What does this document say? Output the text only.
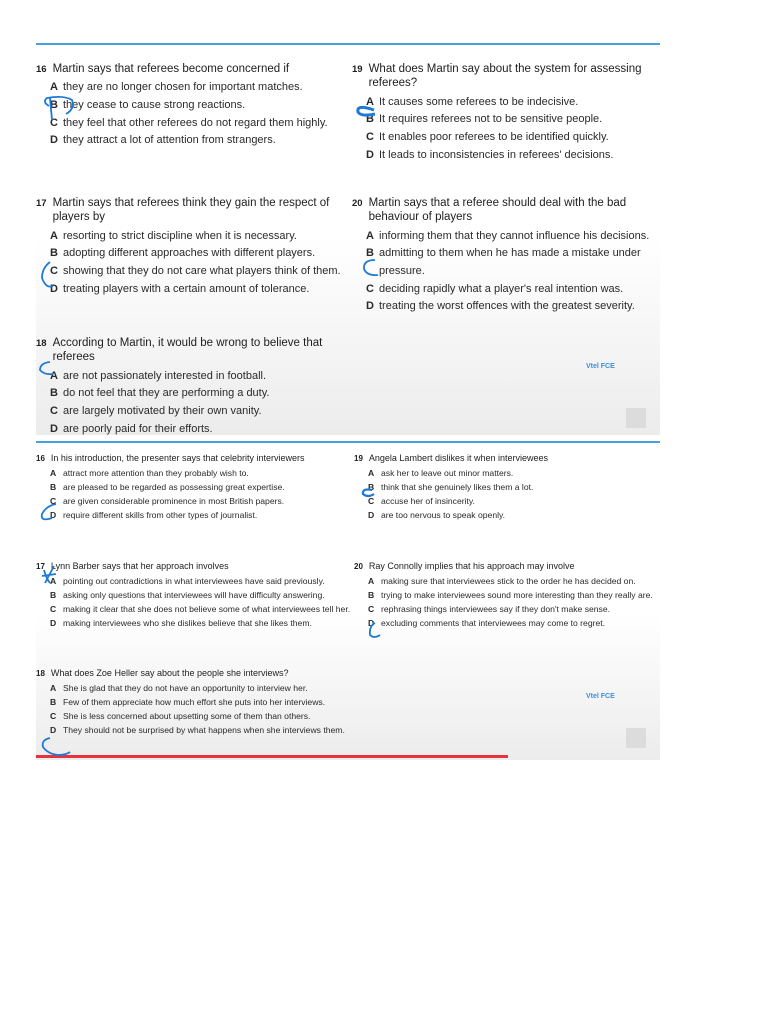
16 Martin says that referees become concerned if
A they are no longer chosen for important matches.
B they cease to cause strong reactions.
C they feel that other referees do not regard them highly.
D they attract a lot of attention from strangers.
17 Martin says that referees think they gain the respect of players by
A resorting to strict discipline when it is necessary.
B adopting different approaches with different players.
C showing that they do not care what players think of them.
D treating players with a certain amount of tolerance.
18 According to Martin, it would be wrong to believe that referees
A are not passionately interested in football.
B do not feel that they are performing a duty.
C are largely motivated by their own vanity.
D are poorly paid for their efforts.
19 What does Martin say about the system for assessing referees?
A It causes some referees to be indecisive.
B It requires referees not to be sensitive people.
C It enables poor referees to be identified quickly.
D It leads to inconsistencies in referees' decisions.
20 Martin says that a referee should deal with the bad behaviour of players
A informing them that they cannot influence his decisions.
B admitting to them when he has made a mistake under pressure.
C deciding rapidly what a player's real intention was.
D treating the worst offences with the greatest severity.
Vtel FCE
16 In his introduction, the presenter says that celebrity interviewers
A attract more attention than they probably wish to.
B are pleased to be regarded as possessing great expertise.
C are given considerable prominence in most British papers.
D require different skills from other types of journalist.
17 Lynn Barber says that her approach involves
A pointing out contradictions in what interviewees have said previously.
B asking only questions that interviewees will have difficulty answering.
C making it clear that she does not believe some of what interviewees tell her.
D making interviewees who she dislikes believe that she likes them.
18 What does Zoe Heller say about the people she interviews?
A She is glad that they do not have an opportunity to interview her.
B Few of them appreciate how much effort she puts into her interviews.
C She is less concerned about upsetting some of them than others.
D They should not be surprised by what happens when she interviews them.
19 Angela Lambert dislikes it when interviewees
A ask her to leave out minor matters.
B think that she genuinely likes them a lot.
C accuse her of insincerity.
D are too nervous to speak openly.
20 Ray Connolly implies that his approach may involve
A making sure that interviewees stick to the order he has decided on.
B trying to make interviewees sound more interesting than they really are.
C rephrasing things interviewees say if they don't make sense.
D excluding comments that interviewees may come to regret.
Vtel FCE
